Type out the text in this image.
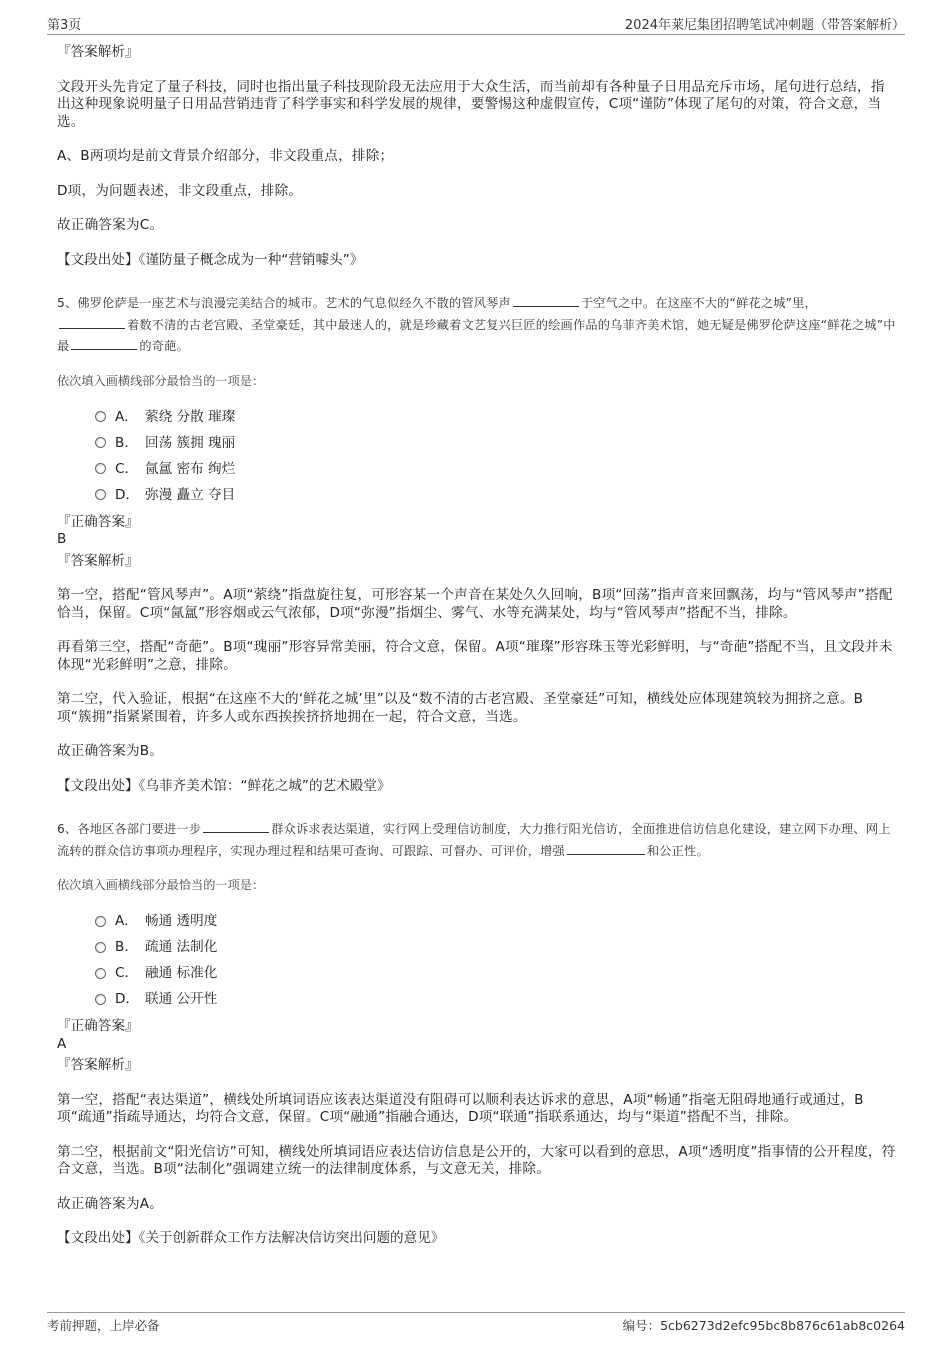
第3页	2024年莱尼集团招聘笔试冲刺题（带答案解析）

『答案解析』

文段开头先肯定了量子科技，同时也指出量子科技现阶段无法应用于大众生活，而当前却有各种量子日用品充斥市场，尾句进行总结，指出这种现象说明量子日用品营销违背了科学事实和科学发展的规律，要警惕这种虚假宣传，C项“谨防”体现了尾句的对策，符合文意，当选。

A、B两项均是前文背景介绍部分，非文段重点，排除；

D项，为问题表述，非文段重点，排除。

故正确答案为C。

【文段出处】《谨防量子概念成为一种“营销噱头”》

5、佛罗伦萨是一座艺术与浪漫完美结合的城市。艺术的气息似经久不散的管风琴声	于空气之中。在这座不大的“鲜花之城”里，
着数不清的古老宫殿、圣堂豪廷，其中最迷人的，就是珍藏着文艺复兴巨匠的绘画作品的乌菲齐美术馆，她无疑是佛罗伦萨这座“鲜花之城”中最	的奇葩。

依次填入画横线部分最恰当的一项是：

A． 萦绕 分散 璀璨
B． 回荡 簇拥 瑰丽
C． 氤氲 密布 绚烂
D． 弥漫 矗立 夺目

『正确答案』

B

『答案解析』

第一空，搭配“管风琴声”。A项“萦绕”指盘旋往复，可形容某一个声音在某处久久回响，B项“回荡”指声音来回飘荡，均与“管风琴声”搭配恰当，保留。C项“氤氲”形容烟或云气浓郁，D项“弥漫”指烟尘、雾气、水等充满某处，均与“管风琴声”搭配不当，排除。

再看第三空，搭配“奇葩”。B项“瑰丽”形容异常美丽，符合文意，保留。A项“璀璨”形容珠玉等光彩鲜明，与“奇葩”搭配不当，且文段并未体现“光彩鲜明”之意，排除。

第二空，代入验证，根据“在这座不大的‘鲜花之城’里”以及“数不清的古老宫殿、圣堂豪廷”可知，横线处应体现建筑较为拥挤之意。B项“簇拥”指紧紧围着，许多人或东西挨挨挤挤地拥在一起，符合文意，当选。

故正确答案为B。

【文段出处】《乌菲齐美术馆：“鲜花之城”的艺术殿堂》

6、各地区各部门要进一步	群众诉求表达渠道，实行网上受理信访制度，大力推行阳光信访，全面推进信访信息化建设，建立网下办理、网上流转的群众信访事项办理程序，实现办理过程和结果可查询、可跟踪、可督办、可评价，增强	和公正性。

依次填入画横线部分最恰当的一项是：

A． 畅通 透明度
B． 疏通 法制化
C． 融通 标准化
D． 联通 公开性

『正确答案』

A

『答案解析』

第一空，搭配“表达渠道”，横线处所填词语应该表达渠道没有阻碍可以顺利表达诉求的意思，A项“畅通”指毫无阻碍地通行或通过，B项“疏通”指疏导通达，均符合文意，保留。C项“融通”指融合通达，D项“联通”指联系通达，均与“渠道”搭配不当，排除。

第二空，根据前文“阳光信访”可知，横线处所填词语应表达信访信息是公开的，大家可以看到的意思，A项“透明度”指事情的公开程度，符合文意，当选。B项“法制化”强调建立统一的法律制度体系，与文意无关，排除。

故正确答案为A。

【文段出处】《关于创新群众工作方法解决信访突出问题的意见》

考前押题，上岸必备	编号：5cb6273d2efc95bc8b876c61ab8c0264
